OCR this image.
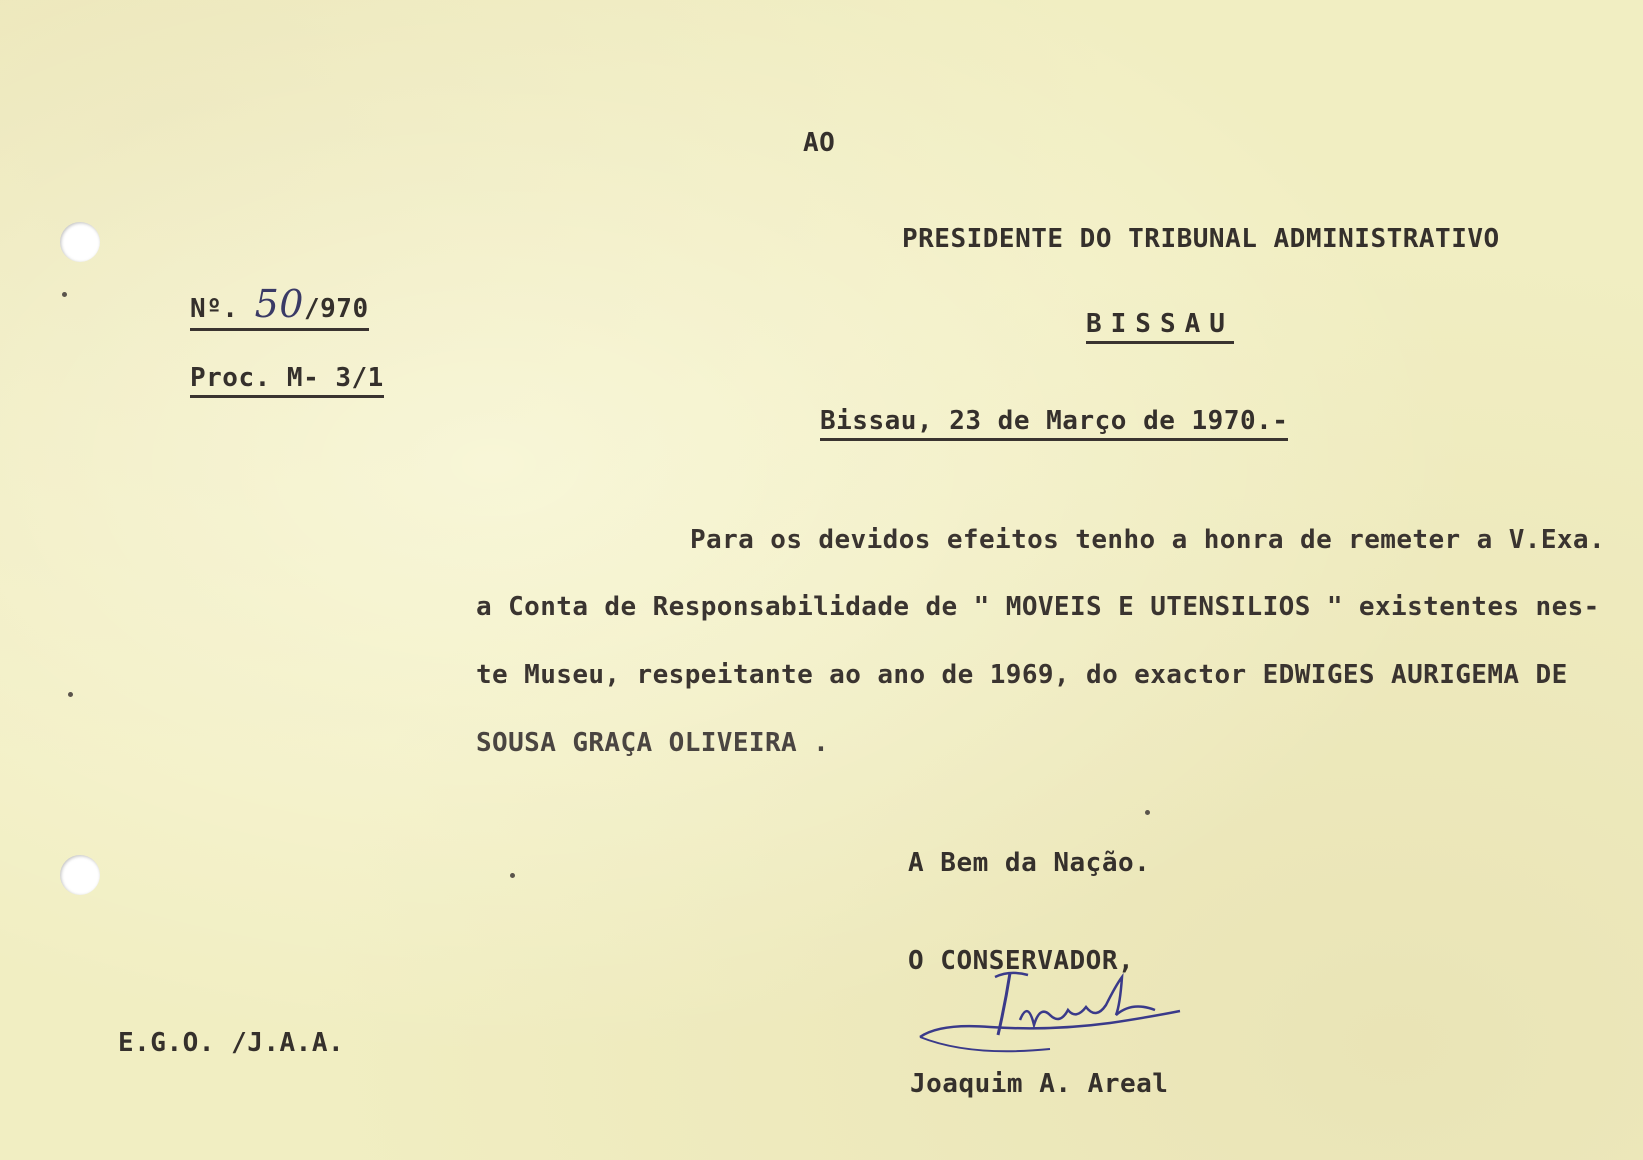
AO
PRESIDENTE DO TRIBUNAL ADMINISTRATIVO
BISSAU
Nº. 50/970
Proc. M- 3/1
Bissau, 23 de Março de 1970.-
Para os devidos efeitos tenho a honra de remeter a V.Exa.
a Conta de Responsabilidade de " MOVEIS E UTENSILIOS " existentes nes-
te Museu, respeitante ao ano de 1969, do exactor EDWIGES AURIGEMA DE
SOUSA GRAÇA OLIVEIRA .
A Bem da Nação.
O CONSERVADOR,
Joaquim A. Areal
E.G.O. /J.A.A.
